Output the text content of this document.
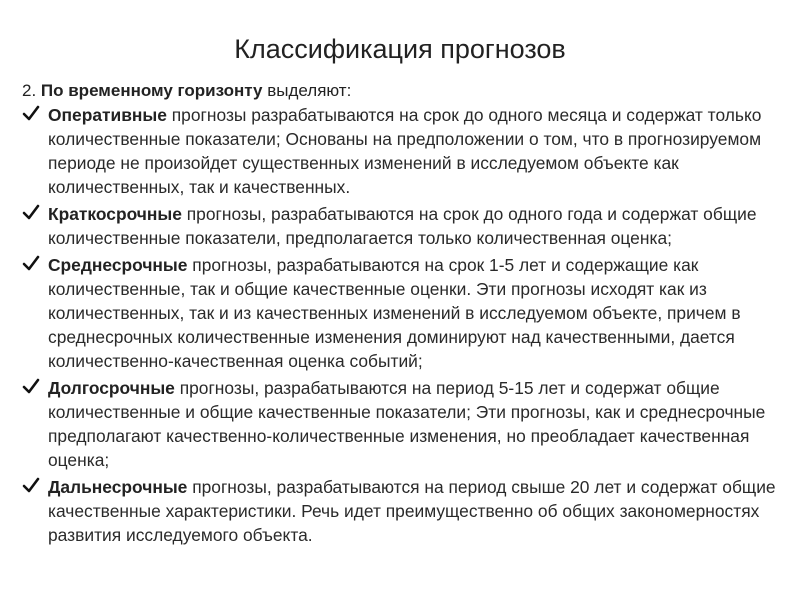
Классификация прогнозов
2. По временному горизонту выделяют:
Оперативные прогнозы разрабатываются на срок до одного месяца и содержат только количественные показатели; Основаны на предположении о том, что в прогнозируемом периоде не произойдет существенных изменений в исследуемом объекте как количественных, так и качественных.
Краткосрочные прогнозы, разрабатываются на срок до одного года и содержат общие количественные показатели, предполагается только количественная оценка;
Среднесрочные прогнозы, разрабатываются на срок 1-5 лет и содержащие как количественные, так и общие качественные оценки. Эти прогнозы исходят как из количественных, так и из качественных изменений в исследуемом объекте, причем в среднесрочных количественные изменения доминируют над качественными, дается количественно-качественная оценка событий;
Долгосрочные прогнозы, разрабатываются на период 5-15 лет и содержат общие количественные и общие качественные показатели; Эти прогнозы, как и среднесрочные предполагают качественно-количественные изменения, но преобладает качественная оценка;
Дальнесрочные прогнозы, разрабатываются на период свыше 20 лет и содержат общие качественные характеристики. Речь идет преимущественно об общих закономерностях развития исследуемого объекта.
